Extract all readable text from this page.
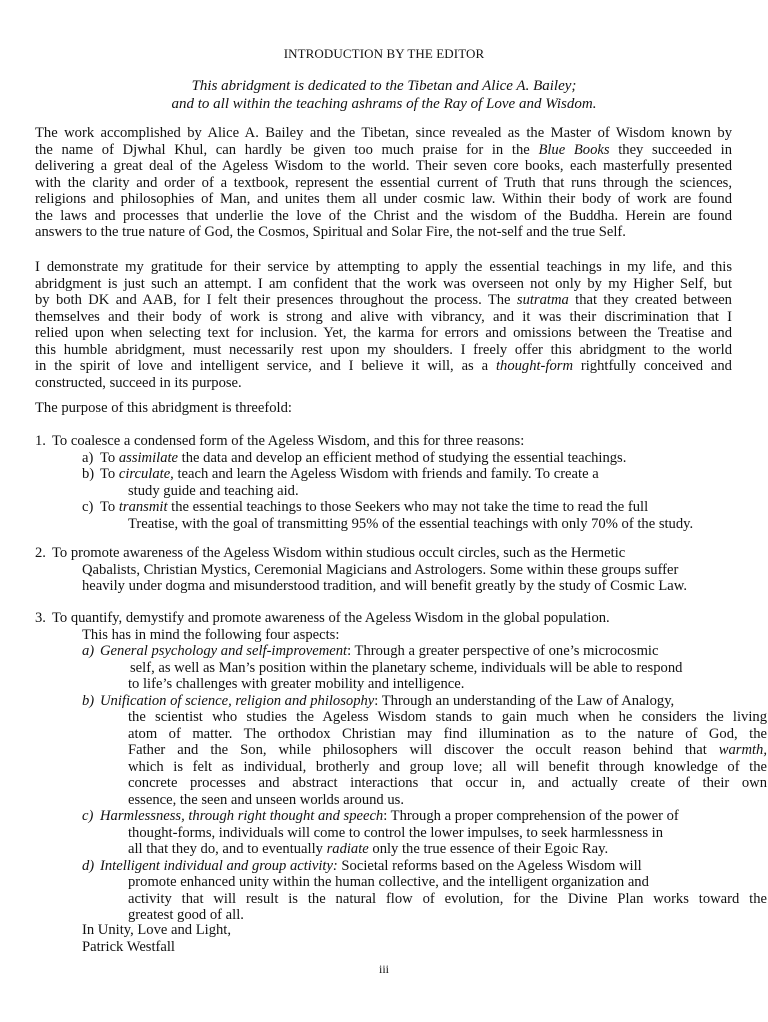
INTRODUCTION BY THE EDITOR
This abridgment is dedicated to the Tibetan and Alice A. Bailey;
and to all within the teaching ashrams of the Ray of Love and Wisdom.
The work accomplished by Alice A. Bailey and the Tibetan, since revealed as the Master of Wisdom known by
the name of Djwhal Khul, can hardly be given too much praise for in the Blue Books they succeeded in
delivering a great deal of the Ageless Wisdom to the world. Their seven core books, each masterfully presented
with the clarity and order of a textbook, represent the essential current of Truth that runs through the sciences,
religions and philosophies of Man, and unites them all under cosmic law. Within their body of work are found
the laws and processes that underlie the love of the Christ and the wisdom of the Buddha. Herein are found
answers to the true nature of God, the Cosmos, Spiritual and Solar Fire, the not-self and the true Self.
I demonstrate my gratitude for their service by attempting to apply the essential teachings in my life, and this
abridgment is just such an attempt. I am confident that the work was overseen not only by my Higher Self, but
by both DK and AAB, for I felt their presences throughout the process. The sutratma that they created between
themselves and their body of work is strong and alive with vibrancy, and it was their discrimination that I
relied upon when selecting text for inclusion. Yet, the karma for errors and omissions between the Treatise and
this humble abridgment, must necessarily rest upon my shoulders. I freely offer this abridgment to the world
in the spirit of love and intelligent service, and I believe it will, as a thought-form rightfully conceived and
constructed, succeed in its purpose.
The purpose of this abridgment is threefold:
1. To coalesce a condensed form of the Ageless Wisdom, and this for three reasons:
a) To assimilate the data and develop an efficient method of studying the essential teachings.
b) To circulate, teach and learn the Ageless Wisdom with friends and family. To create a
study guide and teaching aid.
c) To transmit the essential teachings to those Seekers who may not take the time to read the full
Treatise, with the goal of transmitting 95% of the essential teachings with only 70% of the study.
2. To promote awareness of the Ageless Wisdom within studious occult circles, such as the Hermetic
Qabalists, Christian Mystics, Ceremonial Magicians and Astrologers. Some within these groups suffer
heavily under dogma and misunderstood tradition, and will benefit greatly by the study of Cosmic Law.
3. To quantify, demystify and promote awareness of the Ageless Wisdom in the global population.
This has in mind the following four aspects:
a) General psychology and self-improvement: Through a greater perspective of one’s microcosmic
self, as well as Man’s position within the planetary scheme, individuals will be able to respond
to life’s challenges with greater mobility and intelligence.
b) Unification of science, religion and philosophy: Through an understanding of the Law of Analogy,
the scientist who studies the Ageless Wisdom stands to gain much when he considers the living
atom of matter. The orthodox Christian may find illumination as to the nature of God, the
Father and the Son, while philosophers will discover the occult reason behind that warmth,
which is felt as individual, brotherly and group love; all will benefit through knowledge of the
concrete processes and abstract interactions that occur in, and actually create of their own
essence, the seen and unseen worlds around us.
c) Harmlessness, through right thought and speech: Through a proper comprehension of the power of
thought-forms, individuals will come to control the lower impulses, to seek harmlessness in
all that they do, and to eventually radiate only the true essence of their Egoic Ray.
d) Intelligent individual and group activity: Societal reforms based on the Ageless Wisdom will
promote enhanced unity within the human collective, and the intelligent organization and
activity that will result is the natural flow of evolution, for the Divine Plan works toward the
greatest good of all.
In Unity, Love and Light,
Patrick Westfall
iii
